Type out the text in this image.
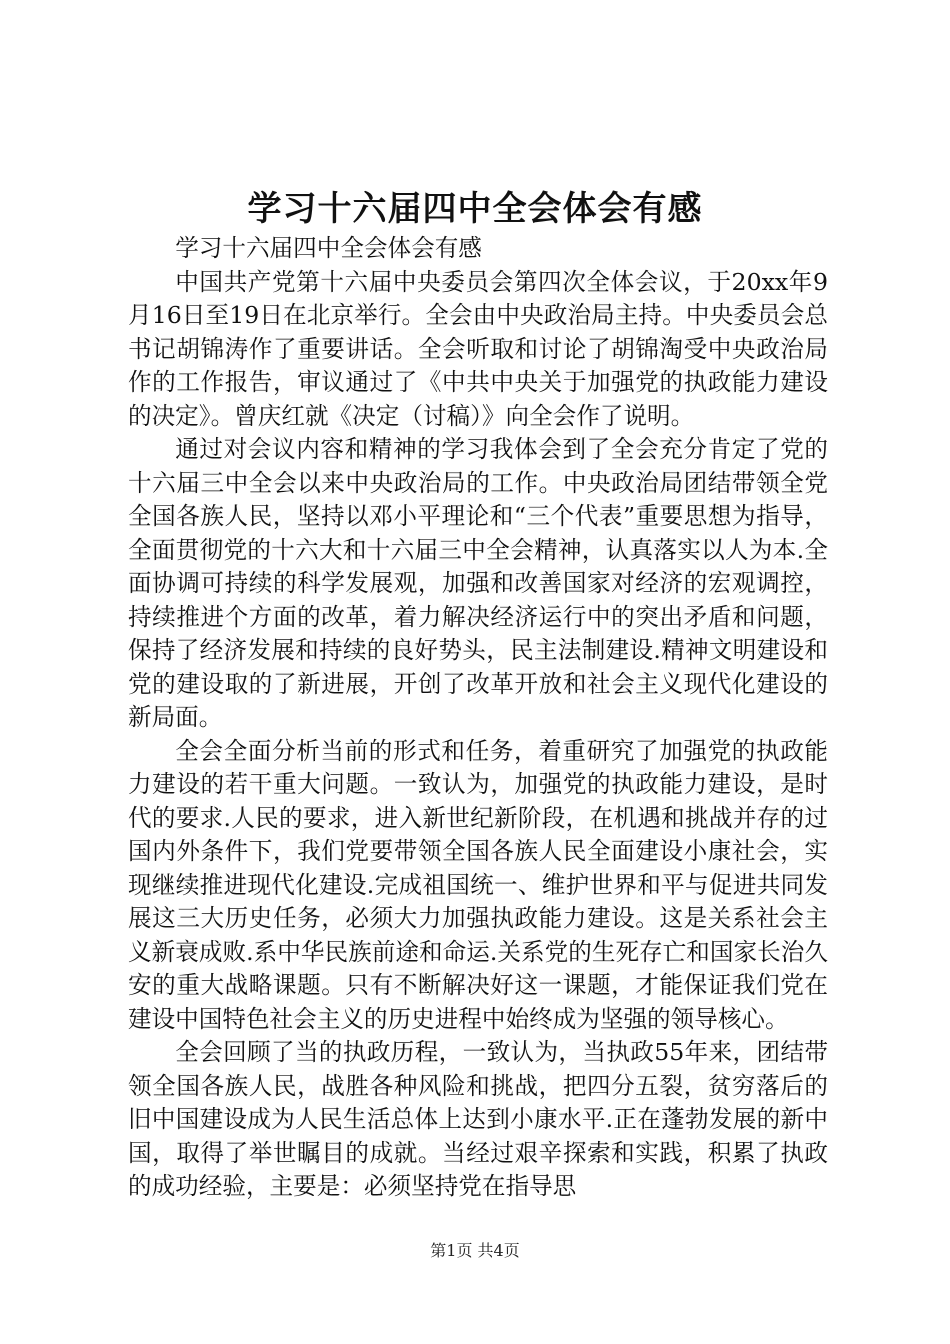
学习十六届四中全会体会有感

学习十六届四中全会体会有感

中国共产党第十六届中央委员会第四次全体会议，于20xx年9月16日至19日在北京举行。全会由中央政治局主持。中央委员会总书记胡锦涛作了重要讲话。全会听取和讨论了胡锦淘受中央政治局作的工作报告，审议通过了《中共中央关于加强党的执政能力建设的决定》。曾庆红就《决定（讨稿）》向全会作了说明。

通过对会议内容和精神的学习我体会到了全会充分肯定了党的十六届三中全会以来中央政治局的工作。中央政治局团结带领全党全国各族人民，坚持以邓小平理论和“三个代表”重要思想为指导，全面贯彻党的十六大和十六届三中全会精神，认真落实以人为本.全面协调可持续的科学发展观，加强和改善国家对经济的宏观调控，持续推进个方面的改革，着力解决经济运行中的突出矛盾和问题，保持了经济发展和持续的良好势头，民主法制建设.精神文明建设和党的建设取的了新进展，开创了改革开放和社会主义现代化建设的新局面。

全会全面分析当前的形式和任务，着重研究了加强党的执政能力建设的若干重大问题。一致认为，加强党的执政能力建设，是时代的要求.人民的要求，进入新世纪新阶段，在机遇和挑战并存的过国内外条件下，我们党要带领全国各族人民全面建设小康社会，实现继续推进现代化建设.完成祖国统一、维护世界和平与促进共同发展这三大历史任务，必须大力加强执政能力建设。这是关系社会主义新衰成败.系中华民族前途和命运.关系党的生死存亡和国家长治久安的重大战略课题。只有不断解决好这一课题，才能保证我们党在建设中国特色社会主义的历史进程中始终成为坚强的领导核心。

全会回顾了当的执政历程，一致认为，当执政55年来，团结带领全国各族人民，战胜各种风险和挑战，把四分五裂，贫穷落后的旧中国建设成为人民生活总体上达到小康水平.正在蓬勃发展的新中国，取得了举世瞩目的成就。当经过艰辛探索和实践，积累了执政的成功经验，主要是：必须坚持党在指导思

第1页 共4页
